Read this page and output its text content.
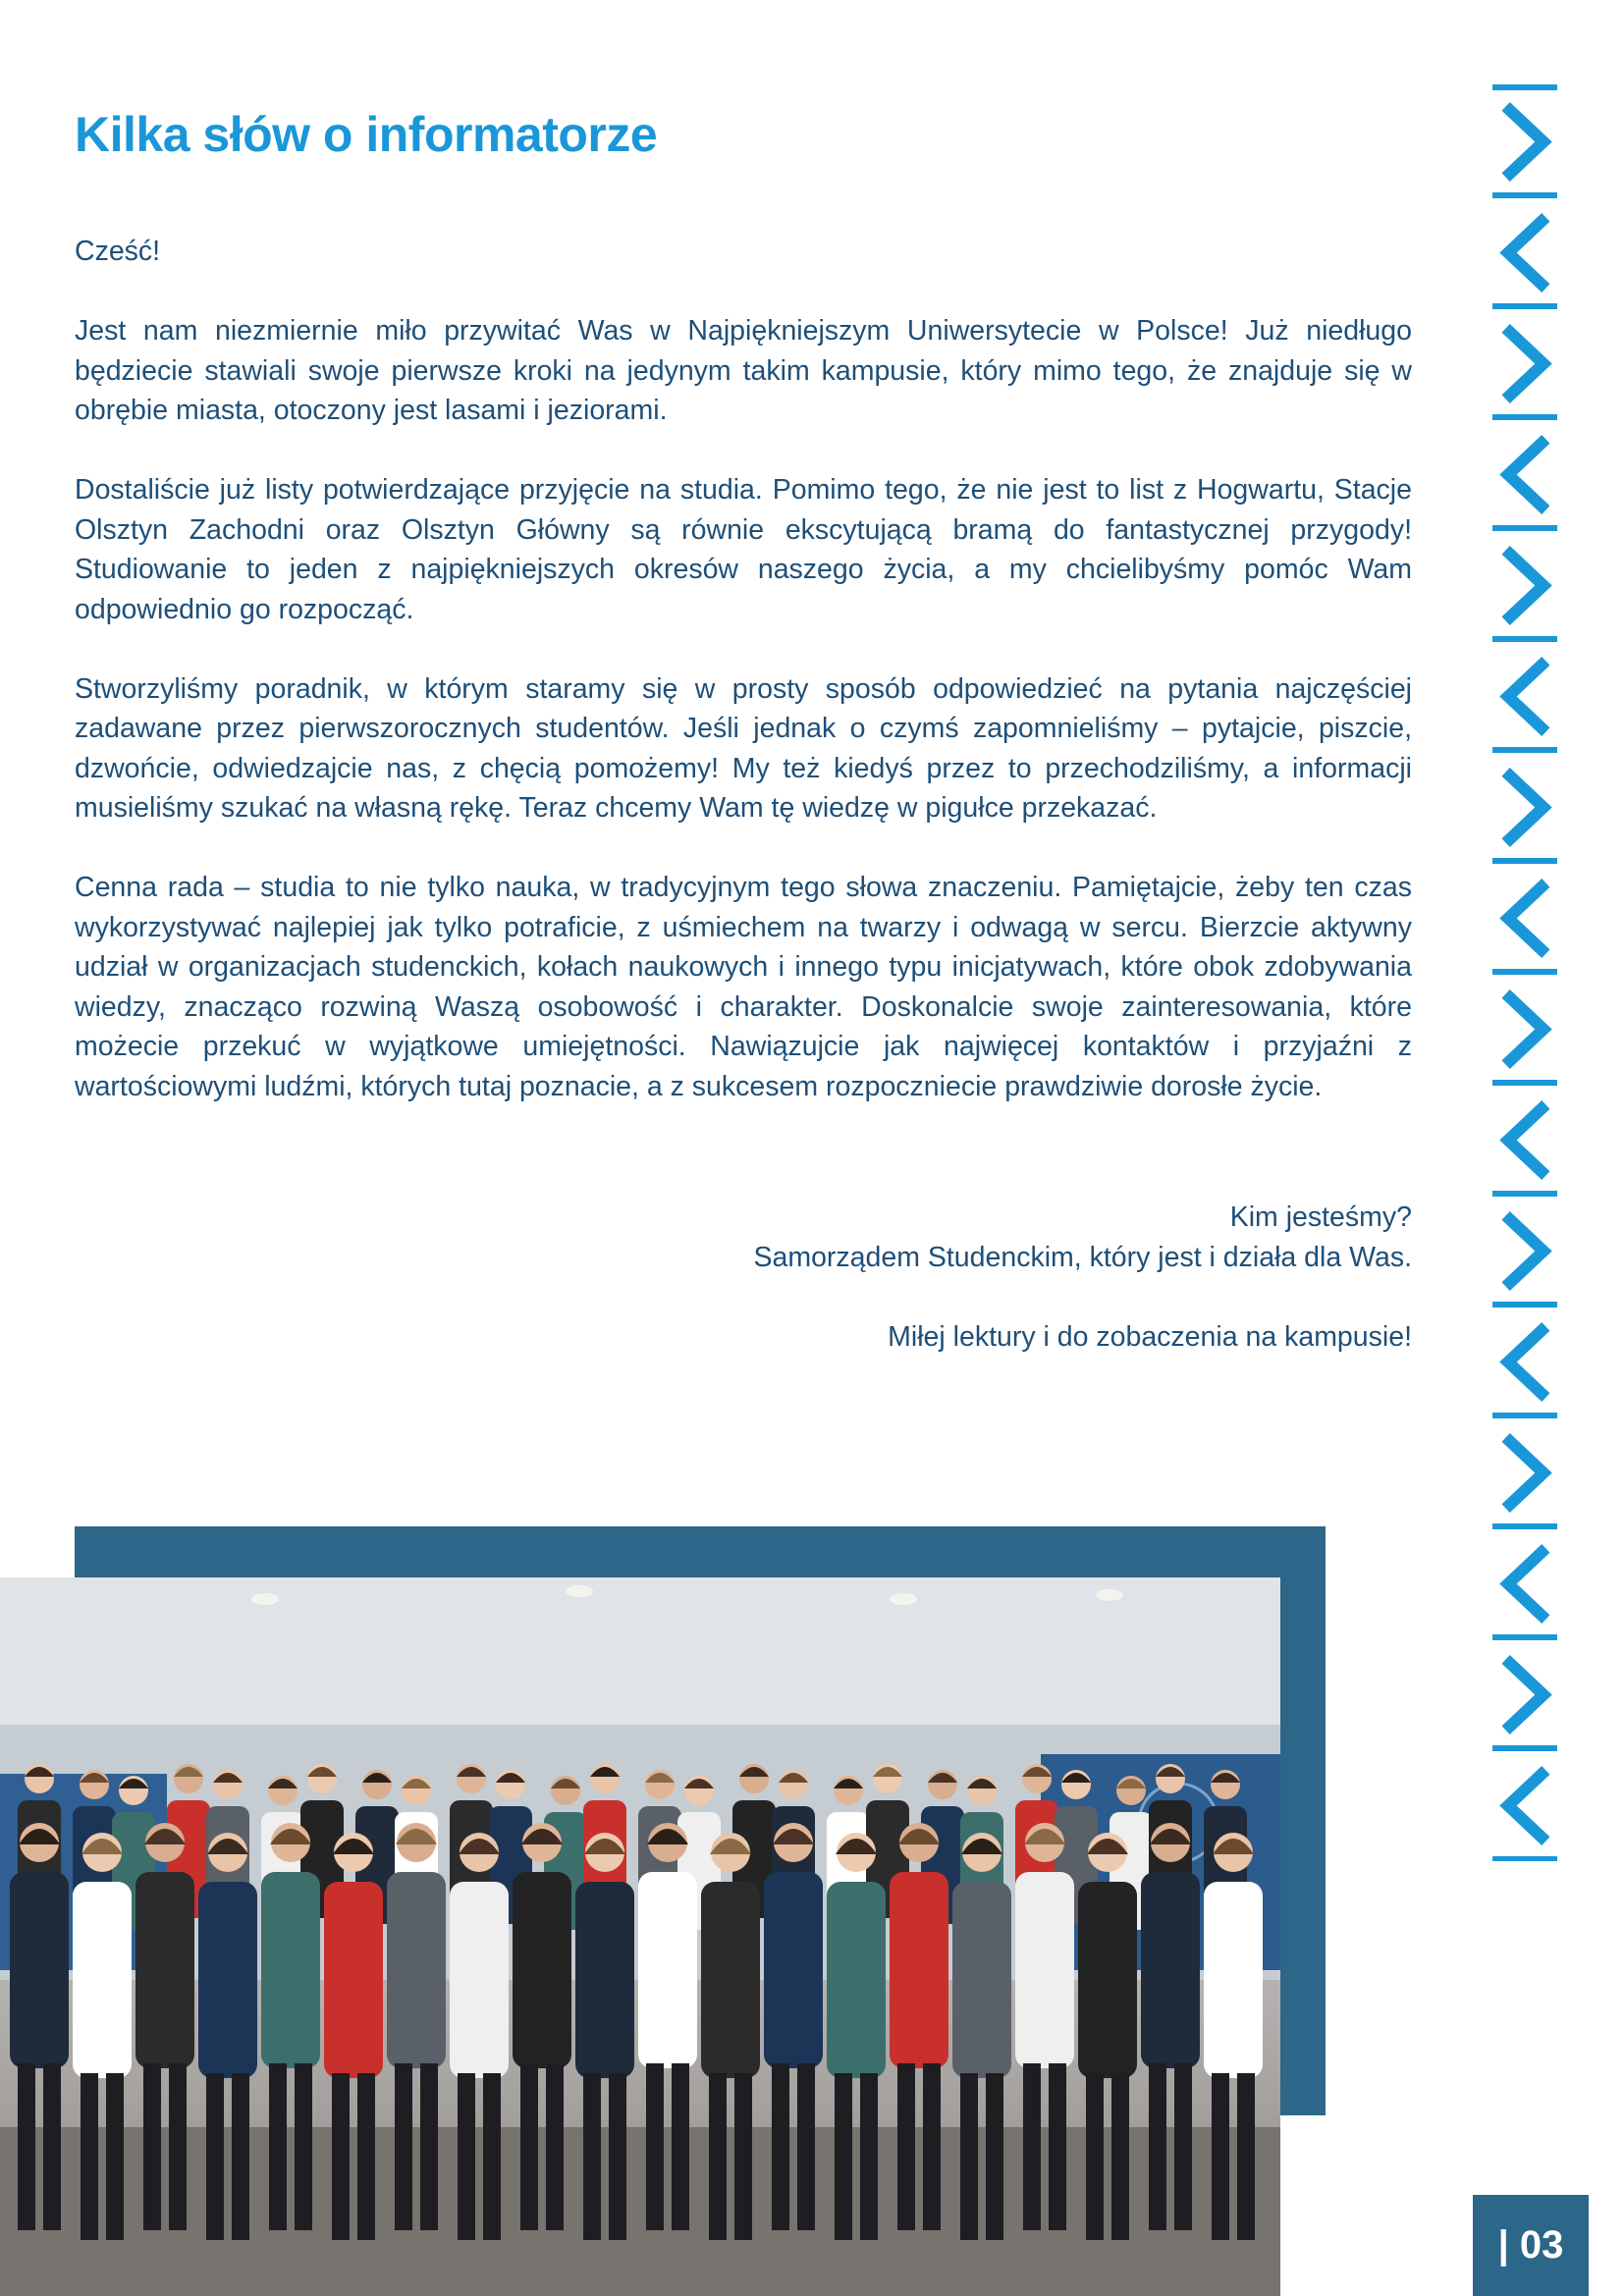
Kilka słów o informatorze

Cześć!

Jest nam niezmiernie miło przywitać Was w Najpiękniejszym Uniwersytecie w Polsce! Już niedługo będziecie stawiali swoje pierwsze kroki na jedynym takim kampusie, który mimo tego, że znajduje się w obrębie miasta, otoczony jest lasami i jeziorami.

Dostaliście już listy potwierdzające przyjęcie na studia. Pomimo tego, że nie jest to list z Hogwartu, Stacje Olsztyn Zachodni oraz Olsztyn Główny są równie ekscytującą bramą do fantastycznej przygody! Studiowanie to jeden z najpiękniejszych okresów naszego życia, a my chcielibyśmy pomóc Wam odpowiednio go rozpocząć.

Stworzyliśmy poradnik, w którym staramy się w prosty sposób odpowiedzieć na pytania najczęściej zadawane przez pierwszorocznych studentów. Jeśli jednak o czymś zapomnieliśmy – pytajcie, piszcie, dzwońcie, odwiedzajcie nas, z chęcią pomożemy! My też kiedyś przez to przechodziliśmy, a informacji musieliśmy szukać na własną rękę. Teraz chcemy Wam tę wiedzę w pigułce przekazać.

Cenna rada – studia to nie tylko nauka, w tradycyjnym tego słowa znaczeniu. Pamiętajcie, żeby ten czas wykorzystywać najlepiej jak tylko potraficie, z uśmiechem na twarzy i odwagą w sercu. Bierzcie aktywny udział w organizacjach studenckich, kołach naukowych i innego typu inicjatywach, które obok zdobywania wiedzy, znacząco rozwiną Waszą osobowość i charakter. Doskonalcie swoje zainteresowania, które możecie przekuć w wyjątkowe umiejętności. Nawiązujcie jak najwięcej kontaktów i przyjaźni z wartościowymi ludźmi, których tutaj poznacie, a z sukcesem rozpoczniecie prawdziwie dorosłe życie.

Kim jesteśmy?
Samorządem Studenckim, który jest i działa dla Was.

Miłej lektury i do zobaczenia na kampusie!

| 03
